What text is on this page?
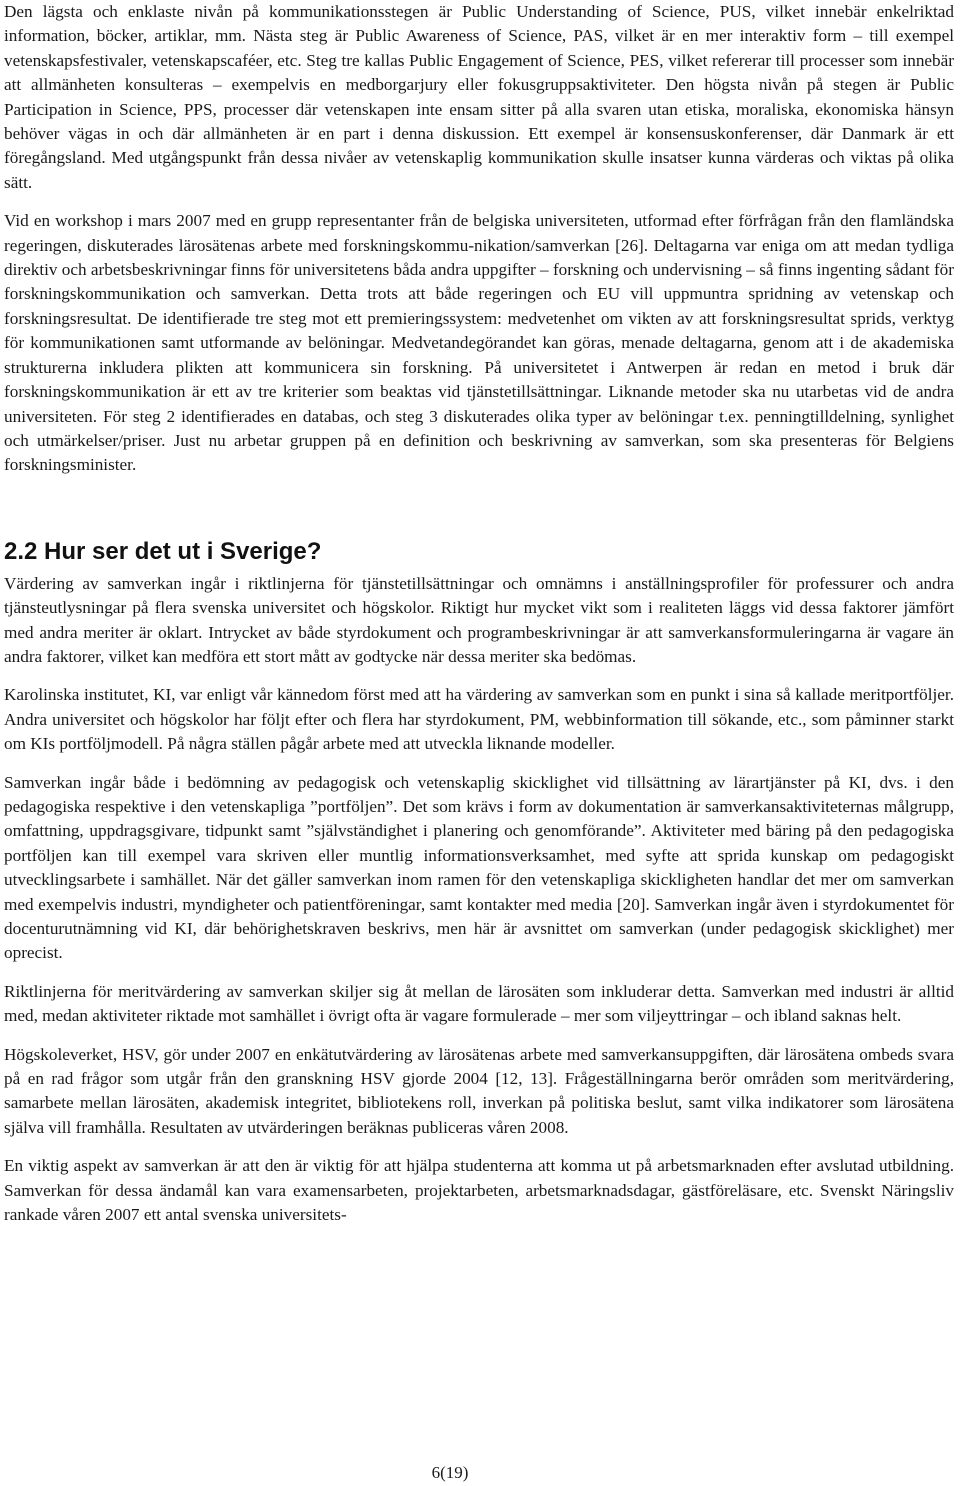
Den lägsta och enklaste nivån på kommunikationsstegen är Public Understanding of Science, PUS, vilket innebär enkelriktad information, böcker, artiklar, mm. Nästa steg är Public Awareness of Science, PAS, vilket är en mer interaktiv form – till exempel vetenskapsfestivaler, vetenskapscaféer, etc. Steg tre kallas Public Engagement of Science, PES, vilket refererar till processer som innebär att allmänheten konsulteras – exempelvis en medborgarjury eller fokusgruppsaktiviteter. Den högsta nivån på stegen är Public Participation in Science, PPS, processer där vetenskapen inte ensam sitter på alla svaren utan etiska, moraliska, ekonomiska hänsyn behöver vägas in och där allmänheten är en part i denna diskussion. Ett exempel är konsensuskonferenser, där Danmark är ett föregångsland. Med utgångspunkt från dessa nivåer av vetenskaplig kommunikation skulle insatser kunna värderas och viktas på olika sätt.

Vid en workshop i mars 2007 med en grupp representanter från de belgiska universiteten, utformad efter förfrågan från den flamländska regeringen, diskuterades lärosätenas arbete med forskningskommu-nikation/samverkan [26]. Deltagarna var eniga om att medan tydliga direktiv och arbetsbeskrivningar finns för universitetens båda andra uppgifter – forskning och undervisning – så finns ingenting sådant för forskningskommunikation och samverkan. Detta trots att både regeringen och EU vill uppmuntra spridning av vetenskap och forskningsresultat. De identifierade tre steg mot ett premieringssystem: medvetenhet om vikten av att forskningsresultat sprids, verktyg för kommunikationen samt utformande av belöningar. Medvetandegörandet kan göras, menade deltagarna, genom att i de akademiska strukturerna inkludera plikten att kommunicera sin forskning. På universitetet i Antwerpen är redan en metod i bruk där forskningskommunikation är ett av tre kriterier som beaktas vid tjänstetillsättningar. Liknande metoder ska nu utarbetas vid de andra universiteten. För steg 2 identifierades en databas, och steg 3 diskuterades olika typer av belöningar t.ex. penningtilldelning, synlighet och utmärkelser/priser. Just nu arbetar gruppen på en definition och beskrivning av samverkan, som ska presenteras för Belgiens forskningsminister.

2.2 Hur ser det ut i Sverige?

Värdering av samverkan ingår i riktlinjerna för tjänstetillsättningar och omnämns i anställningsprofiler för professurer och andra tjänsteutlysningar på flera svenska universitet och högskolor. Riktigt hur mycket vikt som i realiteten läggs vid dessa faktorer jämfört med andra meriter är oklart. Intrycket av både styrdokument och programbeskrivningar är att samverkansformuleringarna är vagare än andra faktorer, vilket kan medföra ett stort mått av godtycke när dessa meriter ska bedömas.

Karolinska institutet, KI, var enligt vår kännedom först med att ha värdering av samverkan som en punkt i sina så kallade meritportföljer. Andra universitet och högskolor har följt efter och flera har styrdokument, PM, webbinformation till sökande, etc., som påminner starkt om KIs portföljmodell. På några ställen pågår arbete med att utveckla liknande modeller.

Samverkan ingår både i bedömning av pedagogisk och vetenskaplig skicklighet vid tillsättning av lärartjänster på KI, dvs. i den pedagogiska respektive i den vetenskapliga ”portföljen”. Det som krävs i form av dokumentation är samverkansaktiviteternas målgrupp, omfattning, uppdragsgivare, tidpunkt samt ”självständighet i planering och genomförande”. Aktiviteter med bäring på den pedagogiska portföljen kan till exempel vara skriven eller muntlig informationsverksamhet, med syfte att sprida kunskap om pedagogiskt utvecklingsarbete i samhället. När det gäller samverkan inom ramen för den vetenskapliga skickligheten handlar det mer om samverkan med exempelvis industri, myndigheter och patientföreningar, samt kontakter med media [20]. Samverkan ingår även i styrdokumentet för docenturutnämning vid KI, där behörighetskraven beskrivs, men här är avsnittet om samverkan (under pedagogisk skicklighet) mer oprecist.

Riktlinjerna för meritvärdering av samverkan skiljer sig åt mellan de lärosäten som inkluderar detta. Samverkan med industri är alltid med, medan aktiviteter riktade mot samhället i övrigt ofta är vagare formulerade – mer som viljeyttringar – och ibland saknas helt.

Högskoleverket, HSV, gör under 2007 en enkätutvärdering av lärosätenas arbete med samverkansuppgiften, där lärosätena ombeds svara på en rad frågor som utgår från den granskning HSV gjorde 2004 [12, 13]. Frågeställningarna berör områden som meritvärdering, samarbete mellan lärosäten, akademisk integritet, bibliotekens roll, inverkan på politiska beslut, samt vilka indikatorer som lärosätena själva vill framhålla. Resultaten av utvärderingen beräknas publiceras våren 2008.

En viktig aspekt av samverkan är att den är viktig för att hjälpa studenterna att komma ut på arbetsmarknaden efter avslutad utbildning. Samverkan för dessa ändamål kan vara examensarbeten, projektarbeten, arbetsmarknadsdagar, gästföreläsare, etc. Svenskt Näringsliv rankade våren 2007 ett antal svenska universitets-

6(19)
